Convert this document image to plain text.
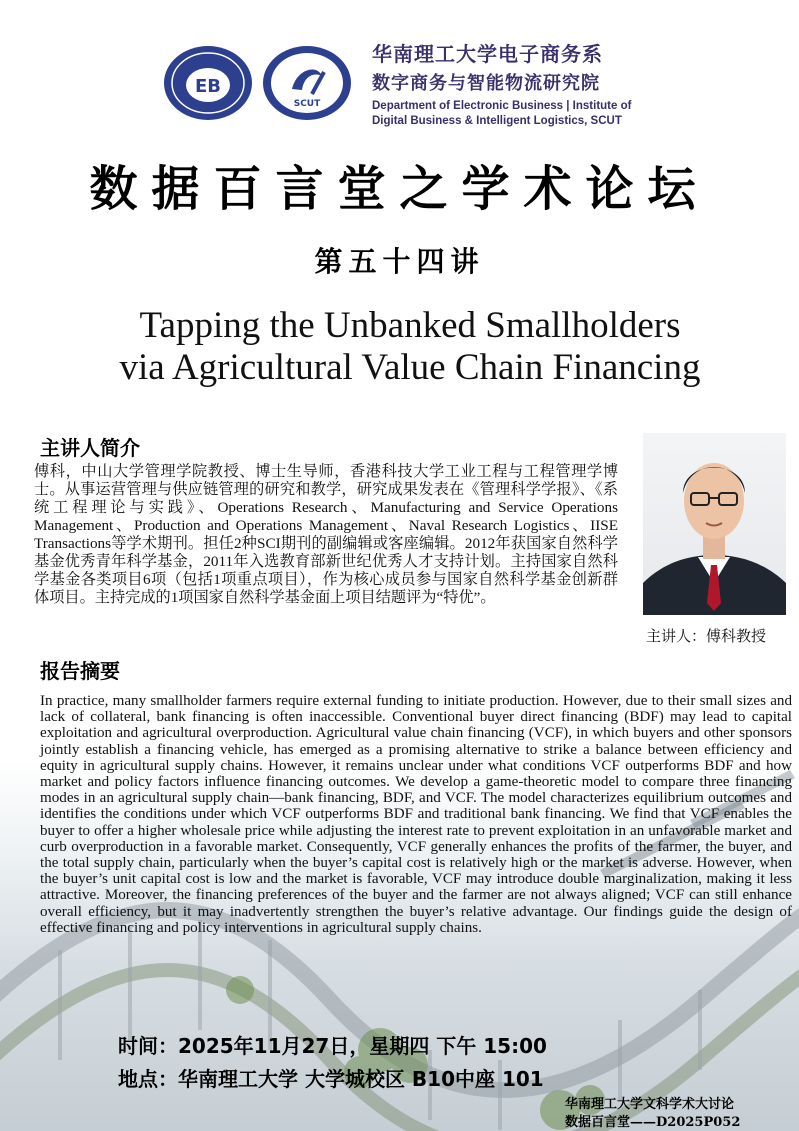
EB
SCUT
华南理工大学电子商务系
数字商务与智能物流研究院
Department of Electronic Business | Institute of
Digital Business & Intelligent Logistics, SCUT
数据百言堂之学术论坛
第五十四讲
Tapping the Unbanked Smallholders
via Agricultural Value Chain Financing
主讲人简介
傅科，中山大学管理学院教授、博士生导师，香港科技大学工业工程与工程管理学博士。从事运营管理与供应链管理的研究和教学，研究成果发表在《管理科学学报》、《系统工程理论与实践》、Operations Research、Manufacturing and Service Operations Management、Production and Operations Management、Naval Research Logistics、IISE Transactions等学术期刊。担任2种SCI期刊的副编辑或客座编辑。2012年获国家自然科学基金优秀青年科学基金，2011年入选教育部新世纪优秀人才支持计划。主持国家自然科学基金各类项目6项（包括1项重点项目），作为核心成员参与国家自然科学基金创新群体项目。主持完成的1项国家自然科学基金面上项目结题评为“特优”。
主讲人：傅科教授
报告摘要
In practice, many smallholder farmers require external funding to initiate production. However, due to their small sizes and lack of collateral, bank financing is often inaccessible. Conventional buyer direct financing (BDF) may lead to capital exploitation and agricultural overproduction. Agricultural value chain financing (VCF), in which buyers and other sponsors jointly establish a financing vehicle, has emerged as a promising alternative to strike a balance between efficiency and equity in agricultural supply chains. However, it remains unclear under what conditions VCF outperforms BDF and how market and policy factors influence financing outcomes. We develop a game-theoretic model to compare three financing modes in an agricultural supply chain—bank financing, BDF, and VCF. The model characterizes equilibrium outcomes and identifies the conditions under which VCF outperforms BDF and traditional bank financing. We find that VCF enables the buyer to offer a higher wholesale price while adjusting the interest rate to prevent exploitation in an unfavorable market and curb overproduction in a favorable market. Consequently, VCF generally enhances the profits of the farmer, the buyer, and the total supply chain, particularly when the buyer’s capital cost is relatively high or the market is adverse. However, when the buyer’s unit capital cost is low and the market is favorable, VCF may introduce double marginalization, making it less attractive. Moreover, the financing preferences of the buyer and the farmer are not always aligned; VCF can still enhance overall efficiency, but it may inadvertently strengthen the buyer’s relative advantage. Our findings guide the design of effective financing and policy interventions in agricultural supply chains.
时间：2025年11月27日，星期四 下午 15:00
地点：华南理工大学 大学城校区 B10中座 101
华南理工大学文科学术大讨论
数据百言堂——D2025P052
